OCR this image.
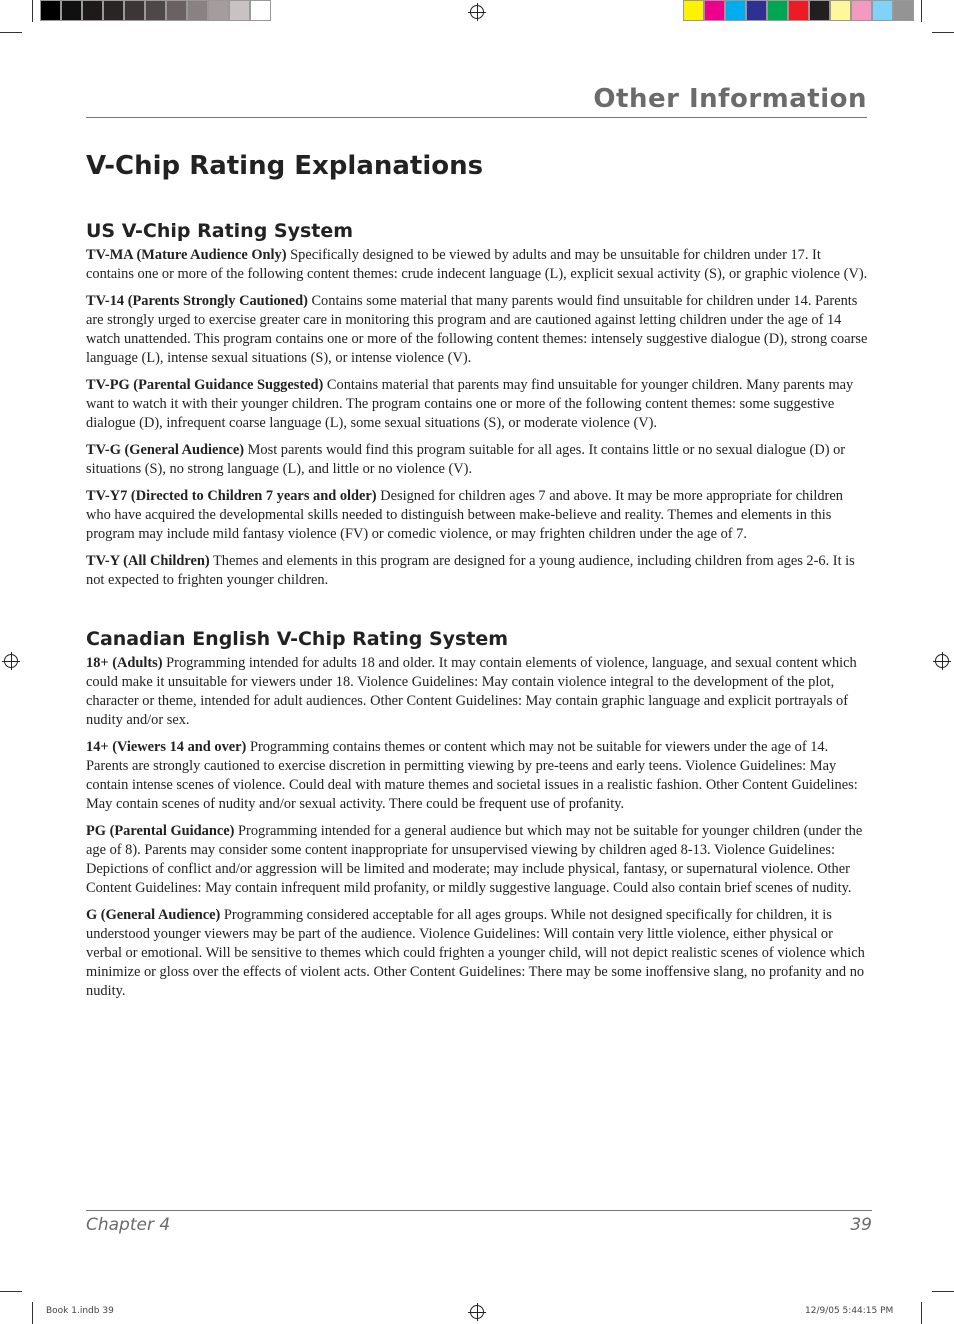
Other Information
V-Chip Rating Explanations
US V-Chip Rating System

TV-MA (Mature Audience Only) Specifically designed to be viewed by adults and may be unsuitable for children under 17. It contains one or more of the following content themes: crude indecent language (L), explicit sexual activity (S), or graphic violence (V).

TV-14 (Parents Strongly Cautioned) Contains some material that many parents would find unsuitable for children under 14. Parents are strongly urged to exercise greater care in monitoring this program and are cautioned against letting children under the age of 14 watch unattended. This program contains one or more of the following content themes: intensely suggestive dialogue (D), strong coarse language (L), intense sexual situations (S), or intense violence (V).

TV-PG (Parental Guidance Suggested) Contains material that parents may find unsuitable for younger children. Many parents may want to watch it with their younger children. The program contains one or more of the following content themes: some suggestive dialogue (D), infrequent coarse language (L), some sexual situations (S), or moderate violence (V).

TV-G (General Audience) Most parents would find this program suitable for all ages. It contains little or no sexual dialogue (D) or situations (S), no strong language (L), and little or no violence (V).

TV-Y7 (Directed to Children 7 years and older) Designed for children ages 7 and above. It may be more appropriate for children who have acquired the developmental skills needed to distinguish between make-believe and reality. Themes and elements in this program may include mild fantasy violence (FV) or comedic violence, or may frighten children under the age of 7.

TV-Y (All Children) Themes and elements in this program are designed for a young audience, including children from ages 2-6. It is not expected to frighten younger children.

Canadian English V-Chip Rating System

18+ (Adults) Programming intended for adults 18 and older. It may contain elements of violence, language, and sexual content which could make it unsuitable for viewers under 18. Violence Guidelines: May contain violence integral to the development of the plot, character or theme, intended for adult audiences. Other Content Guidelines: May contain graphic language and explicit portrayals of nudity and/or sex.

14+ (Viewers 14 and over) Programming contains themes or content which may not be suitable for viewers under the age of 14. Parents are strongly cautioned to exercise discretion in permitting viewing by pre-teens and early teens. Violence Guidelines: May contain intense scenes of violence. Could deal with mature themes and societal issues in a realistic fashion. Other Content Guidelines: May contain scenes of nudity and/or sexual activity. There could be frequent use of profanity.

PG (Parental Guidance) Programming intended for a general audience but which may not be suitable for younger children (under the age of 8). Parents may consider some content inappropriate for unsupervised viewing by children aged 8-13. Violence Guidelines: Depictions of conflict and/or aggression will be limited and moderate; may include physical, fantasy, or supernatural violence. Other Content Guidelines: May contain infrequent mild profanity, or mildly suggestive language. Could also contain brief scenes of nudity.

G (General Audience) Programming considered acceptable for all ages groups. While not designed specifically for children, it is understood younger viewers may be part of the audience. Violence Guidelines: Will contain very little violence, either physical or verbal or emotional. Will be sensitive to themes which could frighten a younger child, will not depict realistic scenes of violence which minimize or gloss over the effects of violent acts. Other Content Guidelines: There may be some inoffensive slang, no profanity and no nudity.

Chapter 4	39
Book 1.indb 39	12/9/05 5:44:15 PM
